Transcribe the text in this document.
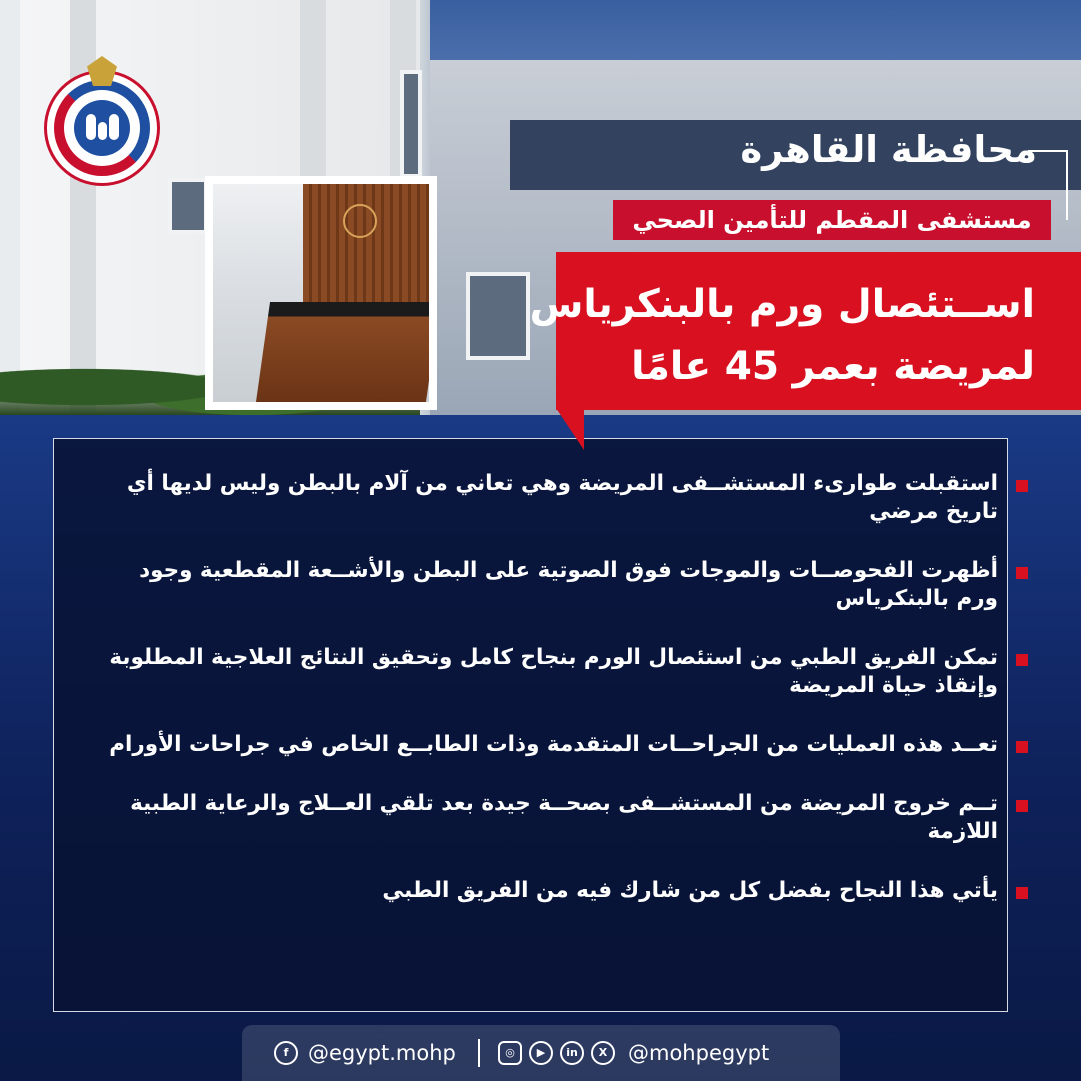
محافظة القاهرة
مستشفى المقطم للتأمين الصحي
اســتئصال ورم بالبنكرياس
لمريضة بعمر 45 عامًا
استقبلت طوارىء المستشــفى المريضة وهي تعاني من آلام بالبطن وليس لديها أي تاريخ مرضي
أظهرت الفحوصــات والموجات فوق الصوتية على البطن والأشــعة المقطعية وجود ورم بالبنكرياس
تمكن الفريق الطبي من استئصال الورم بنجاح كامل وتحقيق النتائج العلاجية المطلوبة وإنقاذ حياة المريضة
تعــد هذه العمليات من الجراحــات المتقدمة وذات الطابــع الخاص في جراحات الأورام
تــم خروج المريضة من المستشــفى بصحــة جيدة بعد تلقي العــلاج والرعاية الطبية اللازمة
يأتي هذا النجاح بفضل كل من شارك فيه من الفريق الطبي
f @egypt.mohp	◎	▶	in	X @mohpegypt
